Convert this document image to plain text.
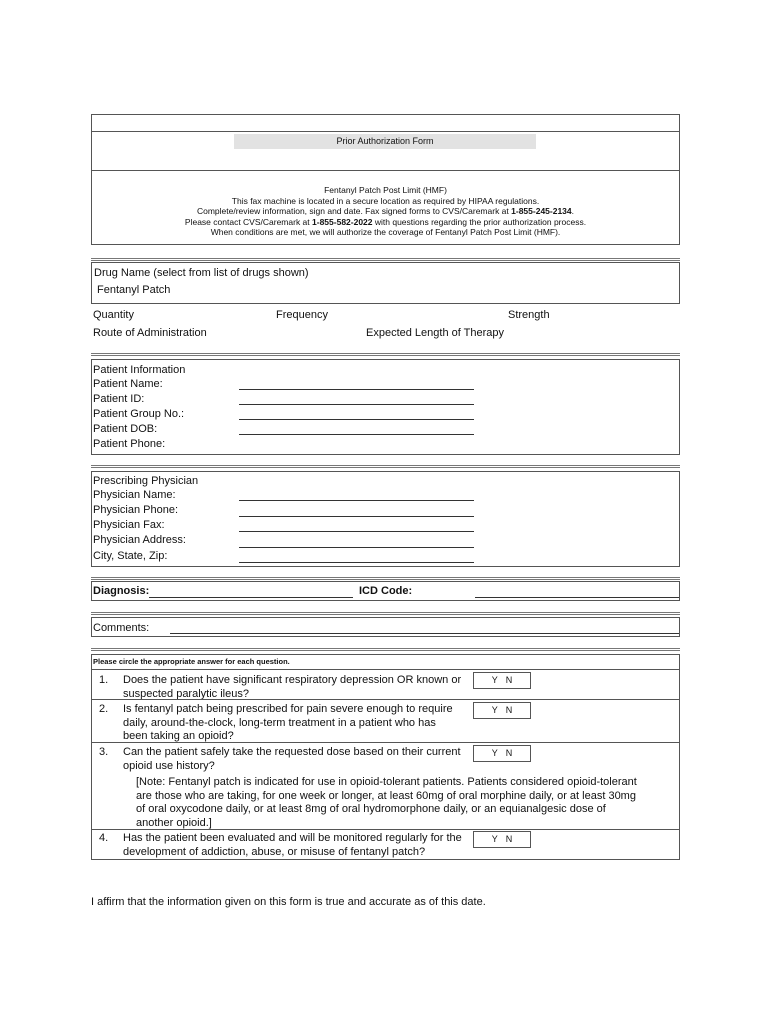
Prior Authorization Form
Fentanyl Patch Post Limit (HMF)
This fax machine is located in a secure location as required by HIPAA regulations.
Complete/review information, sign and date. Fax signed forms to CVS/Caremark at 1-855-245-2134.
Please contact CVS/Caremark at 1-855-582-2022 with questions regarding the prior authorization process.
When conditions are met, we will authorize the coverage of Fentanyl Patch Post Limit (HMF).
Drug Name (select from list of drugs shown)
Fentanyl Patch
Quantity	Frequency	Strength
Route of Administration	Expected Length of Therapy
Patient Information
Patient Name:
Patient ID:
Patient Group No.:
Patient DOB:
Patient Phone:
Prescribing Physician
Physician Name:
Physician Phone:
Physician Fax:
Physician Address:
City, State, Zip:
Diagnosis:	ICD Code:
Comments:
Please circle the appropriate answer for each question.
1. Does the patient have significant respiratory depression OR known or suspected paralytic ileus?
Y N
2. Is fentanyl patch being prescribed for pain severe enough to require daily, around-the-clock, long-term treatment in a patient who has been taking an opioid?
Y N
3. Can the patient safely take the requested dose based on their current opioid use history?
Y N
[Note: Fentanyl patch is indicated for use in opioid-tolerant patients. Patients considered opioid-tolerant are those who are taking, for one week or longer, at least 60mg of oral morphine daily, or at least 30mg of oral oxycodone daily, or at least 8mg of oral hydromorphone daily, or an equianalgesic dose of another opioid.]
4. Has the patient been evaluated and will be monitored regularly for the development of addiction, abuse, or misuse of fentanyl patch?
Y N
I affirm that the information given on this form is true and accurate as of this date.
